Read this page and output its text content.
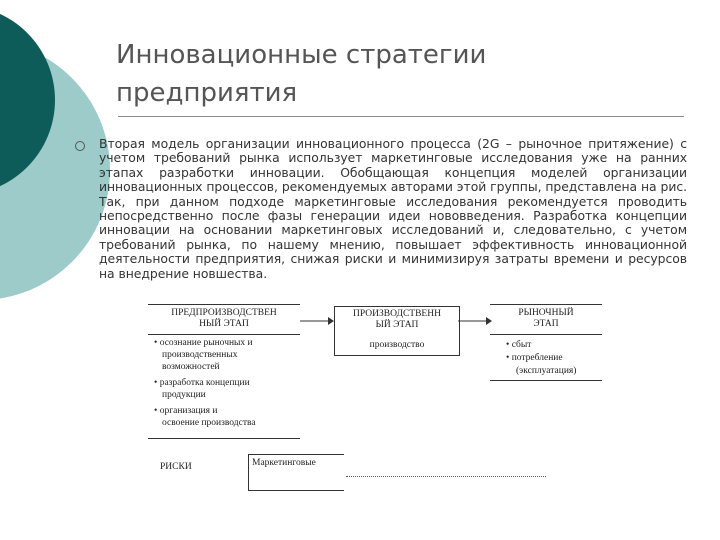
Инновационные стратегии
предприятия
Вторая модель организации инновационного процесса (2G – рыночное притяжение) с учетом требований рынка использует маркетинговые исследования уже на ранних этапах разработки инновации. Обобщающая концепция моделей организации инновационных процессов, рекомендуемых авторами этой группы, представлена на рис. Так, при данном подходе маркетинговые исследования рекомендуется проводить непосредственно после фазы генерации идеи нововведения. Разработка концепции инновации на основании маркетинговых исследований и, следовательно, с учетом требований рынка, по нашему мнению, повышает эффективность инновационной деятельности предприятия, снижая риски и минимизируя затраты времени и ресурсов на внедрение новшества.
ПРЕДПРОИЗВОДСТВЕН
НЫЙ ЭТАП
• осознание рыночных и
производственных
возможностей
• разработка концепции
продукции
• организация и
освоение производства
ПРОИЗВОДСТВЕНН
ЫЙ ЭТАП
производство
РЫНОЧНЫЙ
ЭТАП
• сбыт
• потребление
(эксплуатация)
РИСКИ	Маркетинговые
